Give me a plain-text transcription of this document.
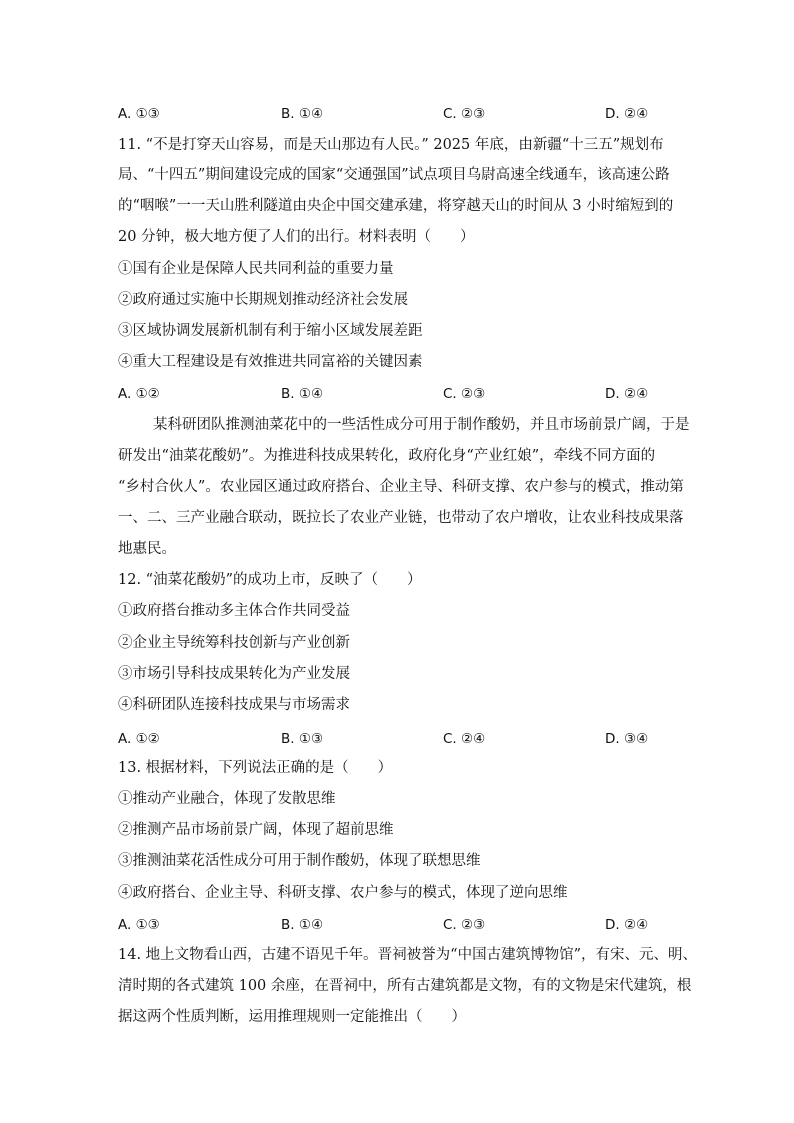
A. ①③	B. ①④	C. ②③	D. ②④
11. “不是打穿天山容易，而是天山那边有人民。” 2025 年底，由新疆“十三五”规划布
局、“十四五”期间建设完成的国家“交通强国”试点项目乌尉高速全线通车，该高速公路
的“咽喉”一一天山胜利隧道由央企中国交建承建，将穿越天山的时间从 3 小时缩短到的
20 分钟，极大地方便了人们的出行。材料表明（　　）
①国有企业是保障人民共同利益的重要力量
②政府通过实施中长期规划推动经济社会发展
③区域协调发展新机制有利于缩小区域发展差距
④重大工程建设是有效推进共同富裕的关键因素
A. ①②	B. ①④	C. ②③	D. ②④
某科研团队推测油菜花中的一些活性成分可用于制作酸奶，并且市场前景广阔，于是
研发出“油菜花酸奶”。为推进科技成果转化，政府化身“产业红娘”，牵线不同方面的
“乡村合伙人”。农业园区通过政府搭台、企业主导、科研支撑、农户参与的模式，推动第
一、二、三产业融合联动，既拉长了农业产业链，也带动了农户增收，让农业科技成果落
地惠民。
12. “油菜花酸奶”的成功上市，反映了（　　）
①政府搭台推动多主体合作共同受益
②企业主导统筹科技创新与产业创新
③市场引导科技成果转化为产业发展
④科研团队连接科技成果与市场需求
A. ①②	B. ①③	C. ②④	D. ③④
13. 根据材料，下列说法正确的是（　　）
①推动产业融合，体现了发散思维
②推测产品市场前景广阔，体现了超前思维
③推测油菜花活性成分可用于制作酸奶，体现了联想思维
④政府搭台、企业主导、科研支撑、农户参与的模式，体现了逆向思维
A. ①③	B. ①④	C. ②③	D. ②④
14. 地上文物看山西，古建不语见千年。晋祠被誉为“中国古建筑博物馆”，有宋、元、明、
清时期的各式建筑 100 余座，在晋祠中，所有古建筑都是文物，有的文物是宋代建筑，根
据这两个性质判断，运用推理规则一定能推出（　　）
